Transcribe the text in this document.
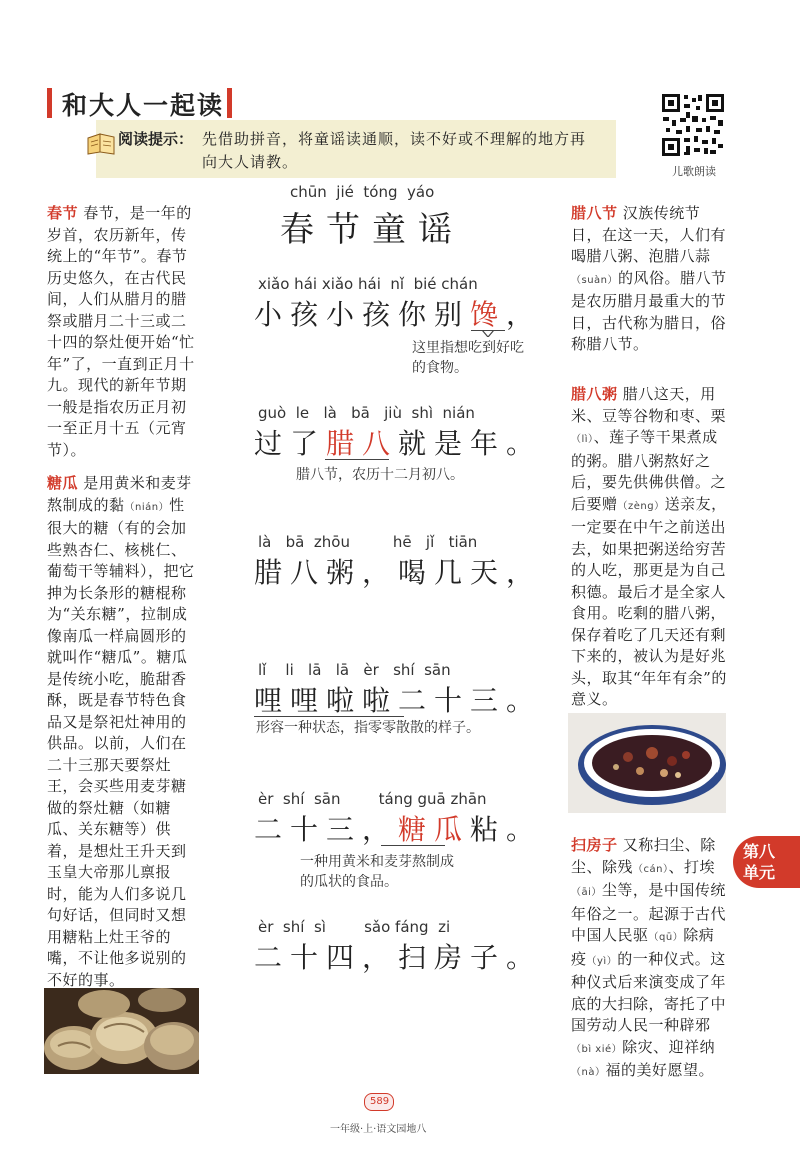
和大人一起读
阅读提示： 先借助拼音，将童谣读通顺，读不好或不理解的地方再
向大人请教。
儿歌朗读
春节 春节，是一年的岁首，农历新年，传统上的“年节”。春节历史悠久，在古代民间，人们从腊月的腊祭或腊月二十三或二十四的祭灶便开始“忙年”了，一直到正月十九。现代的新年节期一般是指农历正月初一至正月十五（元宵节）。
糖瓜 是用黄米和麦芽熬制成的黏（nián）性很大的糖（有的会加些熟杏仁、核桃仁、葡萄干等辅料），把它抻为长条形的糖棍称为“关东糖”，拉制成像南瓜一样扁圆形的就叫作“糖瓜”。糖瓜是传统小吃，脆甜香酥，既是春节特色食品又是祭祀灶神用的供品。以前，人们在二十三那天要祭灶王，会买些用麦芽糖做的祭灶糖（如糖瓜、关东糖等）供着，是想灶王升天到玉皇大帝那儿禀报时，能为人们多说几句好话，但同时又想用糖粘上灶王爷的嘴，不让他多说别的不好的事。
chūn  jié  tóng  yáo
春节童谣
xiǎo hái xiǎo hái  nǐ  bié chán
小孩小孩你别馋，
这里指想吃到好吃
的食物。
guò  le   là   bā   jiù  shì  nián
过了腊八就是年。
腊八节，农历十二月初八。
là   bā  zhōu         hē   jǐ   tiān
腊八粥，喝几天，
lǐ    li   lā   lā   èr   shí  sān
哩哩啦啦二十三。
形容一种状态，指零零散散的样子。
èr  shí  sān        táng guā zhān
二十三，糖瓜粘。
一种用黄米和麦芽熬制成
的瓜状的食品。
èr  shí  sì        sǎo fáng  zi
二十四，扫房子。
腊八节 汉族传统节日，在这一天，人们有喝腊八粥、泡腊八蒜（suàn）的风俗。腊八节是农历腊月最重大的节日，古代称为腊日，俗称腊八节。
腊八粥 腊八这天，用米、豆等谷物和枣、栗（lì）、莲子等干果煮成的粥。腊八粥熬好之后，要先供佛供僧。之后要赠（zèng）送亲友，一定要在中午之前送出去，如果把粥送给穷苦的人吃，那更是为自己积德。最后才是全家人食用。吃剩的腊八粥，保存着吃了几天还有剩下来的，被认为是好兆头，取其“年年有余”的意义。
扫房子 又称扫尘、除尘、除残（cán）、打埃（āi）尘等，是中国传统年俗之一。起源于古代中国人民驱（qū）除病疫（yì）的一种仪式。这种仪式后来演变成了年底的大扫除，寄托了中国劳动人民一种辟邪（bì xié）除灾、迎祥纳（nà）福的美好愿望。
第八
单元
589
一年级·上·语文园地八
